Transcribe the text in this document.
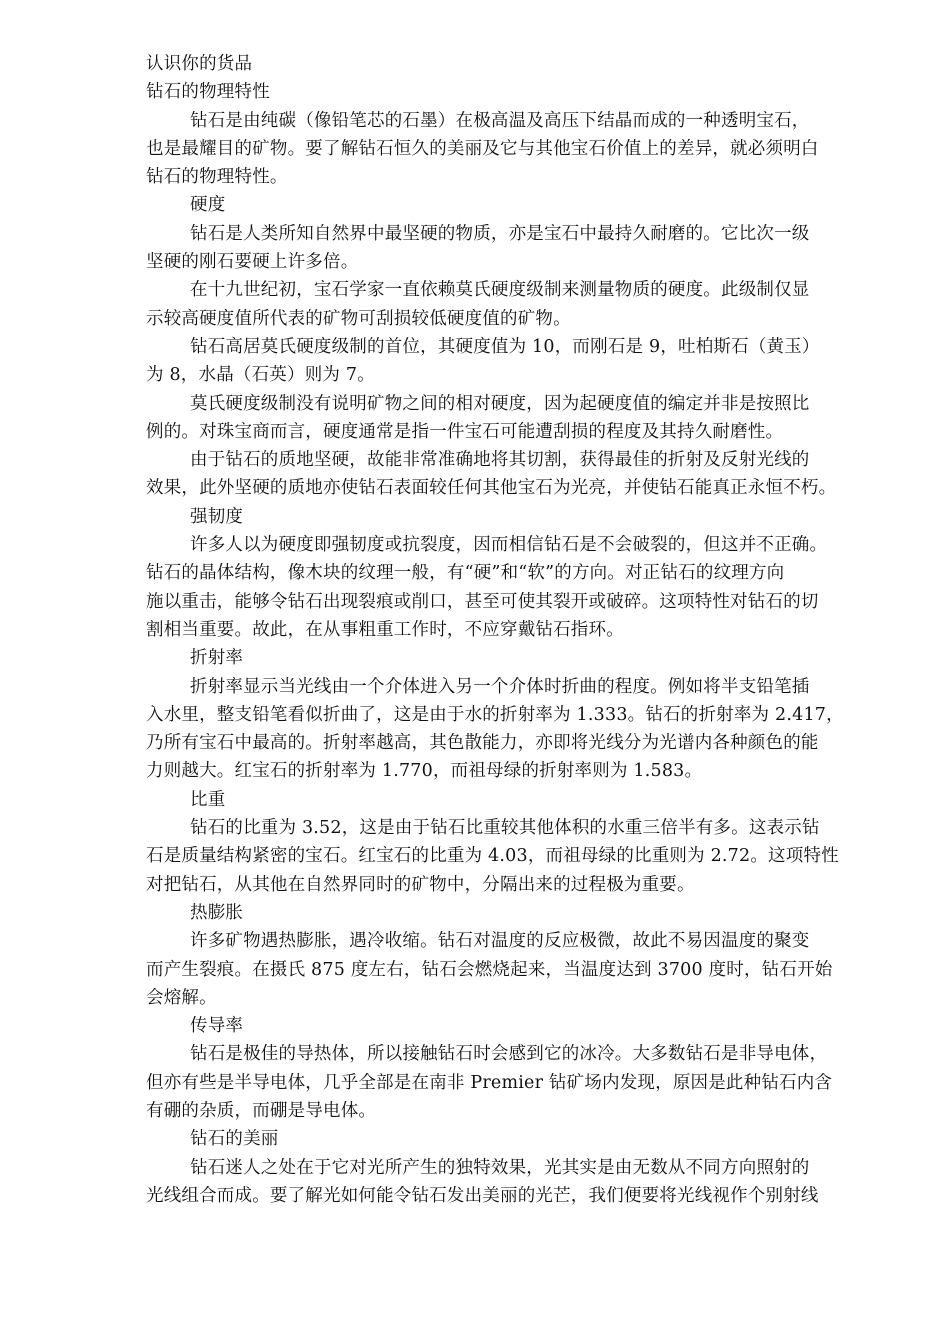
认识你的货品
钻石的物理特性
钻石是由纯碳（像铅笔芯的石墨）在极高温及高压下结晶而成的一种透明宝石，
也是最耀目的矿物。要了解钻石恒久的美丽及它与其他宝石价值上的差异，就必须明白
钻石的物理特性。
硬度
钻石是人类所知自然界中最坚硬的物质，亦是宝石中最持久耐磨的。它比次一级
坚硬的刚石要硬上许多倍。
在十九世纪初，宝石学家一直依赖莫氏硬度级制来测量物质的硬度。此级制仅显
示较高硬度值所代表的矿物可刮损较低硬度值的矿物。
钻石高居莫氏硬度级制的首位，其硬度值为 10，而刚石是 9，吐柏斯石（黄玉）
为 8，水晶（石英）则为 7。
莫氏硬度级制没有说明矿物之间的相对硬度，因为起硬度值的编定并非是按照比
例的。对珠宝商而言，硬度通常是指一件宝石可能遭刮损的程度及其持久耐磨性。
由于钻石的质地坚硬，故能非常准确地将其切割，获得最佳的折射及反射光线的
效果，此外坚硬的质地亦使钻石表面较任何其他宝石为光亮，并使钻石能真正永恒不朽。
强韧度
许多人以为硬度即强韧度或抗裂度，因而相信钻石是不会破裂的，但这并不正确。
钻石的晶体结构，像木块的纹理一般，有“硬”和“软”的方向。对正钻石的纹理方向
施以重击，能够令钻石出现裂痕或削口，甚至可使其裂开或破碎。这项特性对钻石的切
割相当重要。故此，在从事粗重工作时，不应穿戴钻石指环。
折射率
折射率显示当光线由一个介体进入另一个介体时折曲的程度。例如将半支铅笔插
入水里，整支铅笔看似折曲了，这是由于水的折射率为 1.333。钻石的折射率为 2.417，
乃所有宝石中最高的。折射率越高，其色散能力，亦即将光线分为光谱内各种颜色的能
力则越大。红宝石的折射率为 1.770，而祖母绿的折射率则为 1.583。
比重
钻石的比重为 3.52，这是由于钻石比重较其他体积的水重三倍半有多。这表示钻
石是质量结构紧密的宝石。红宝石的比重为 4.03，而祖母绿的比重则为 2.72。这项特性
对把钻石，从其他在自然界同时的矿物中，分隔出来的过程极为重要。
热膨胀
许多矿物遇热膨胀，遇冷收缩。钻石对温度的反应极微，故此不易因温度的聚变
而产生裂痕。在摄氏 875 度左右，钻石会燃烧起来，当温度达到 3700 度时，钻石开始
会熔解。
传导率
钻石是极佳的导热体，所以接触钻石时会感到它的冰冷。大多数钻石是非导电体，
但亦有些是半导电体，几乎全部是在南非 Premier 钻矿场内发现，原因是此种钻石内含
有硼的杂质，而硼是导电体。
钻石的美丽
钻石迷人之处在于它对光所产生的独特效果，光其实是由无数从不同方向照射的
光线组合而成。要了解光如何能令钻石发出美丽的光芒，我们便要将光线视作个别射线
